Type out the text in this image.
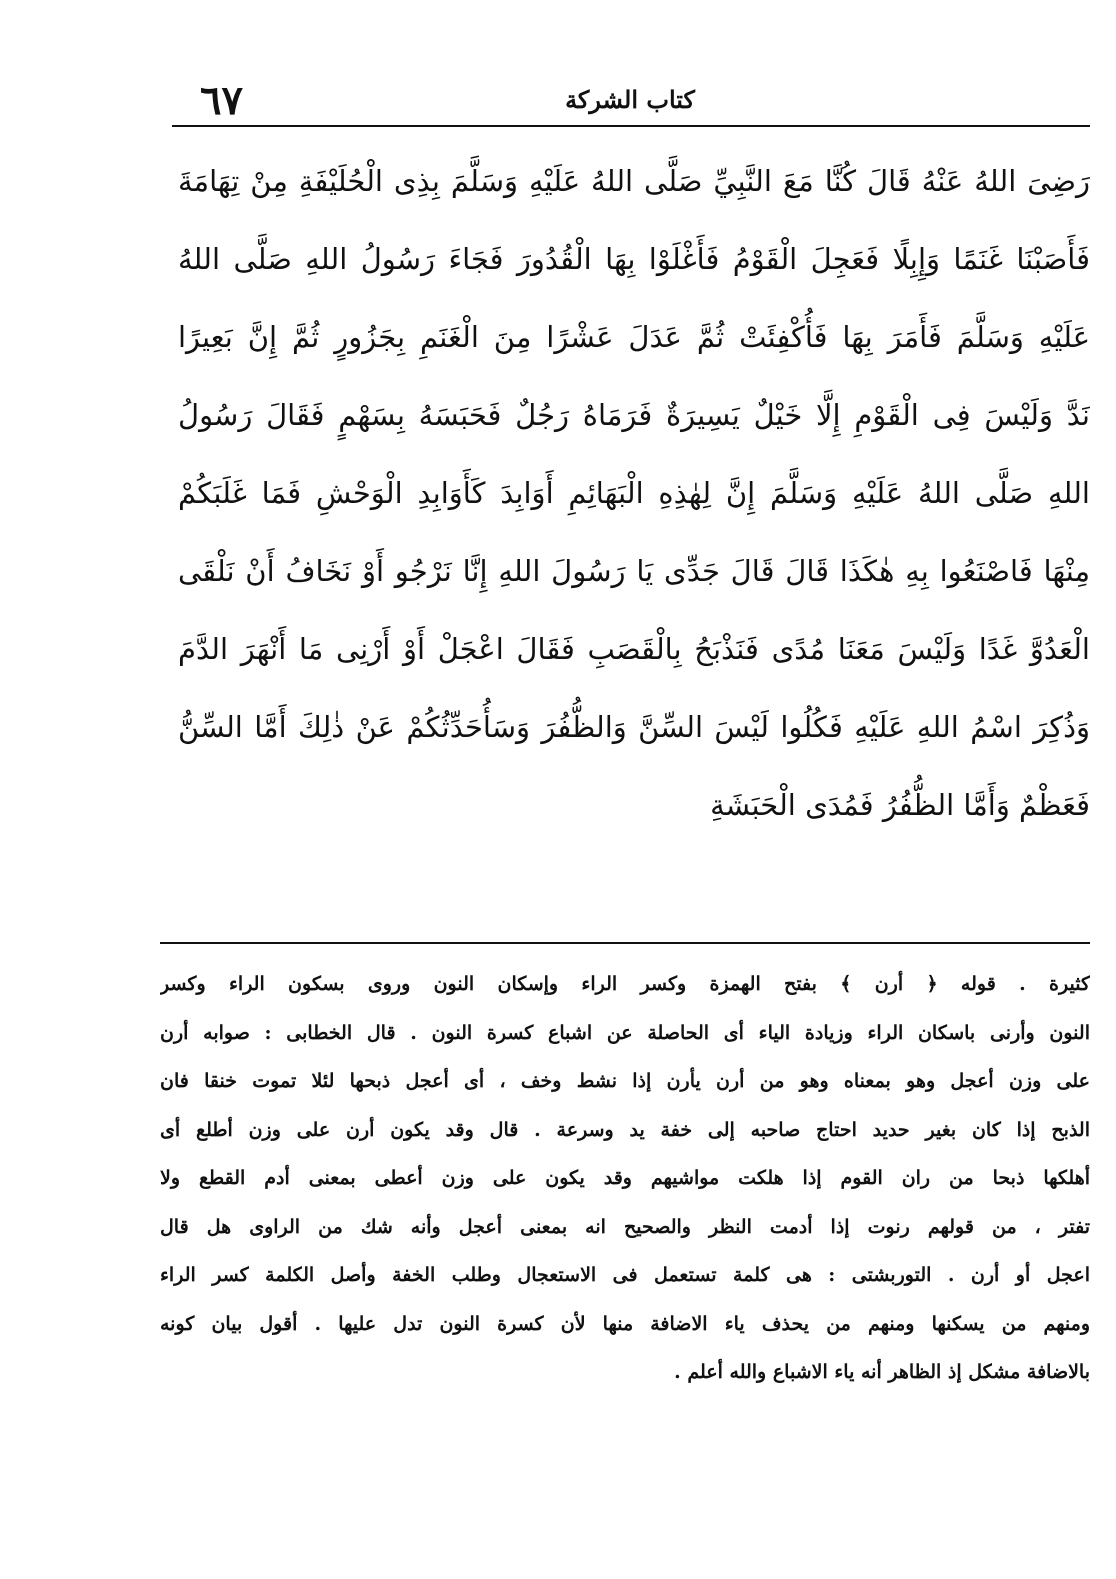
٦٧	كتاب الشركة
رَضِىَ اللهُ عَنْهُ قَالَ كُنَّا مَعَ النَّبِيِّ صَلَّى اللهُ عَلَيْهِ وَسَلَّمَ بِذِى الْحُلَيْفَةِ مِنْ تِهَامَةَ
فَأَصَبْنَا غَنَمًا وَإِبِلًا فَعَجِلَ الْقَوْمُ فَأَغْلَوْا بِهَا الْقُدُورَ فَجَاءَ رَسُولُ اللهِ صَلَّى اللهُ
عَلَيْهِ وَسَلَّمَ فَأَمَرَ بِهَا فَأُكْفِئَتْ ثُمَّ عَدَلَ عَشْرًا مِنَ الْغَنَمِ بِجَزُورٍ ثُمَّ إِنَّ بَعِيرًا
نَدَّ وَلَيْسَ فِى الْقَوْمِ إِلَّا خَيْلٌ يَسِيرَةٌ فَرَمَاهُ رَجُلٌ فَحَبَسَهُ بِسَهْمٍ فَقَالَ رَسُولُ
اللهِ صَلَّى اللهُ عَلَيْهِ وَسَلَّمَ إِنَّ لِهٰذِهِ الْبَهَائِمِ أَوَابِدَ كَأَوَابِدِ الْوَحْشِ فَمَا غَلَبَكُمْ
مِنْهَا فَاصْنَعُوا بِهِ هٰكَذَا قَالَ قَالَ جَدِّى يَا رَسُولَ اللهِ إِنَّا نَرْجُو أَوْ نَخَافُ أَنْ نَلْقَى
الْعَدُوَّ غَدًا وَلَيْسَ مَعَنَا مُدًى فَنَذْبَحُ بِالْقَصَبِ فَقَالَ اعْجَلْ أَوْ أَرْنِى مَا أَنْهَرَ الدَّمَ
وَذُكِرَ اسْمُ اللهِ عَلَيْهِ فَكُلُوا لَيْسَ السِّنَّ وَالظُّفُرَ وَسَأُحَدِّثُكُمْ عَنْ ذٰلِكَ أَمَّا السِّنُّ
فَعَظْمٌ وَأَمَّا الظُّفُرُ فَمُدَى الْحَبَشَةِ
كثيرة . قوله ﴿ أرن ﴾ بفتح الهمزة وكسر الراء وإسكان النون وروى بسكون الراء وكسر
النون وأرنى باسكان الراء وزيادة الياء أى الحاصلة عن اشباع كسرة النون . قال الخطابى : صوابه أرن
على وزن أعجل وهو بمعناه وهو من أرن يأرن إذا نشط وخف ، أى أعجل ذبحها لئلا تموت خنقا فان
الذبح إذا كان بغير حديد احتاج صاحبه إلى خفة يد وسرعة . قال وقد يكون أرن على وزن أطلع أى
أهلكها ذبحا من ران القوم إذا هلكت مواشيهم وقد يكون على وزن أعطى بمعنى أدم القطع ولا
تفتر ، من قولهم رنوت إذا أدمت النظر والصحيح انه بمعنى أعجل وأنه شك من الراوى هل قال
اعجل أو أرن . التوربشتى : هى كلمة تستعمل فى الاستعجال وطلب الخفة وأصل الكلمة كسر الراء
ومنهم من يسكنها ومنهم من يحذف ياء الاضافة منها لأن كسرة النون تدل عليها . أقول بيان كونه
بالاضافة مشكل إذ الظاهر أنه ياء الاشباع والله أعلم .
